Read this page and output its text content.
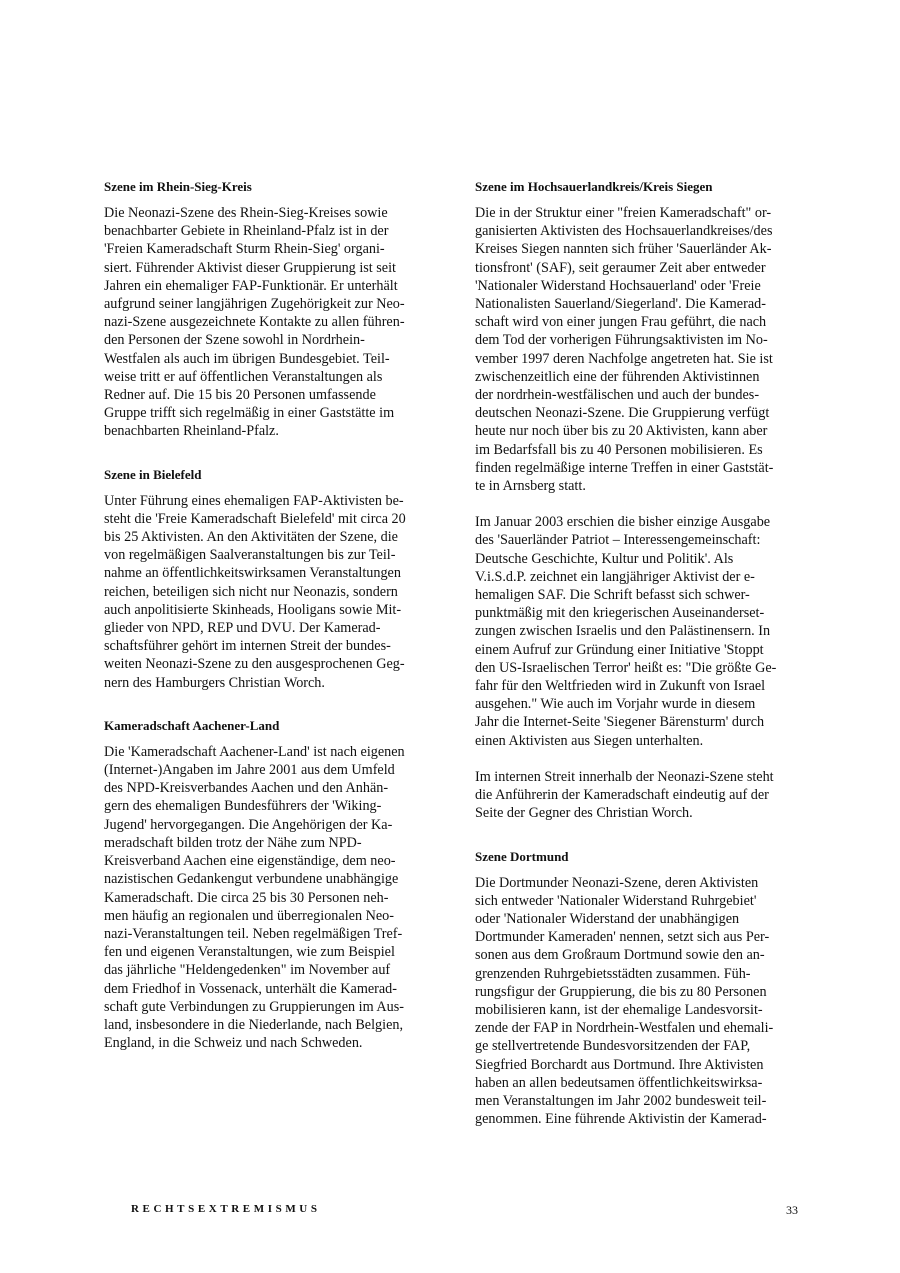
Szene im Rhein-Sieg-Kreis
Die Neonazi-Szene des Rhein-Sieg-Kreises sowie
benachbarter Gebiete in Rheinland-Pfalz ist in der
'Freien Kameradschaft Sturm Rhein-Sieg' organi-
siert. Führender Aktivist dieser Gruppierung ist seit
Jahren ein ehemaliger FAP-Funktionär. Er unterhält
aufgrund seiner langjährigen Zugehörigkeit zur Neo-
nazi-Szene ausgezeichnete Kontakte zu allen führen-
den Personen der Szene sowohl in Nordrhein-
Westfalen als auch im übrigen Bundesgebiet. Teil-
weise tritt er auf öffentlichen Veranstaltungen als
Redner auf. Die 15 bis 20 Personen umfassende
Gruppe trifft sich regelmäßig in einer Gaststätte im
benachbarten Rheinland-Pfalz.
Szene in Bielefeld
Unter Führung eines ehemaligen FAP-Aktivisten be-
steht die 'Freie Kameradschaft Bielefeld' mit circa 20
bis 25 Aktivisten. An den Aktivitäten der Szene, die
von regelmäßigen Saalveranstaltungen bis zur Teil-
nahme an öffentlichkeitswirksamen Veranstaltungen
reichen, beteiligen sich nicht nur Neonazis, sondern
auch anpolitisierte Skinheads, Hooligans sowie Mit-
glieder von NPD, REP und DVU. Der Kamerad-
schaftsführer gehört im internen Streit der bundes-
weiten Neonazi-Szene zu den ausgesprochenen Geg-
nern des Hamburgers Christian Worch.
Kameradschaft Aachener-Land
Die 'Kameradschaft Aachener-Land' ist nach eigenen
(Internet-)Angaben im Jahre 2001 aus dem Umfeld
des NPD-Kreisverbandes Aachen und den Anhän-
gern des ehemaligen Bundesführers der 'Wiking-
Jugend' hervorgegangen. Die Angehörigen der Ka-
meradschaft bilden trotz der Nähe zum NPD-
Kreisverband Aachen eine eigenständige, dem neo-
nazistischen Gedankengut verbundene unabhängige
Kameradschaft. Die circa 25 bis 30 Personen neh-
men häufig an regionalen und überregionalen Neo-
nazi-Veranstaltungen teil. Neben regelmäßigen Tref-
fen und eigenen Veranstaltungen, wie zum Beispiel
das jährliche "Heldengedenken" im November auf
dem Friedhof in Vossenack, unterhält die Kamerad-
schaft gute Verbindungen zu Gruppierungen im Aus-
land, insbesondere in die Niederlande, nach Belgien,
England, in die Schweiz und nach Schweden.
Szene im Hochsauerlandkreis/Kreis Siegen
Die in der Struktur einer "freien Kameradschaft" or-
ganisierten Aktivisten des Hochsauerlandkreises/des
Kreises Siegen nannten sich früher 'Sauerländer Ak-
tionsfront' (SAF), seit geraumer Zeit aber entweder
'Nationaler Widerstand Hochsauerland' oder 'Freie
Nationalisten Sauerland/Siegerland'. Die Kamerad-
schaft wird von einer jungen Frau geführt, die nach
dem Tod der vorherigen Führungsaktivisten im No-
vember 1997 deren Nachfolge angetreten hat. Sie ist
zwischenzeitlich eine der führenden Aktivistinnen
der nordrhein-westfälischen und auch der bundes-
deutschen Neonazi-Szene. Die Gruppierung verfügt
heute nur noch über bis zu 20 Aktivisten, kann aber
im Bedarfsfall bis zu 40 Personen mobilisieren. Es
finden regelmäßige interne Treffen in einer Gaststät-
te in Arnsberg statt.
Im Januar 2003 erschien die bisher einzige Ausgabe
des 'Sauerländer Patriot – Interessengemeinschaft:
Deutsche Geschichte, Kultur und Politik'. Als
V.i.S.d.P. zeichnet ein langjähriger Aktivist der e-
hemaligen SAF. Die Schrift befasst sich schwer-
punktmäßig mit den kriegerischen Auseinanderset-
zungen zwischen Israelis und den Palästinensern. In
einem Aufruf zur Gründung einer Initiative 'Stoppt
den US-Israelischen Terror' heißt es: "Die größte Ge-
fahr für den Weltfrieden wird in Zukunft von Israel
ausgehen." Wie auch im Vorjahr wurde in diesem
Jahr die Internet-Seite 'Siegener Bärensturm' durch
einen Aktivisten aus Siegen unterhalten.
Im internen Streit innerhalb der Neonazi-Szene steht
die Anführerin der Kameradschaft eindeutig auf der
Seite der Gegner des Christian Worch.
Szene Dortmund
Die Dortmunder Neonazi-Szene, deren Aktivisten
sich entweder 'Nationaler Widerstand Ruhrgebiet'
oder 'Nationaler Widerstand der unabhängigen
Dortmunder Kameraden' nennen, setzt sich aus Per-
sonen aus dem Großraum Dortmund sowie den an-
grenzenden Ruhrgebietsstädten zusammen. Füh-
rungsfigur der Gruppierung, die bis zu 80 Personen
mobilisieren kann, ist der ehemalige Landesvorsit-
zende der FAP in Nordrhein-Westfalen und ehemali-
ge stellvertretende Bundesvorsitzenden der FAP,
Siegfried Borchardt aus Dortmund. Ihre Aktivisten
haben an allen bedeutsamen öffentlichkeitswirksa-
men Veranstaltungen im Jahr 2002 bundesweit teil-
genommen. Eine führende Aktivistin der Kamerad-
RECHTSEXTREMISMUS	33
